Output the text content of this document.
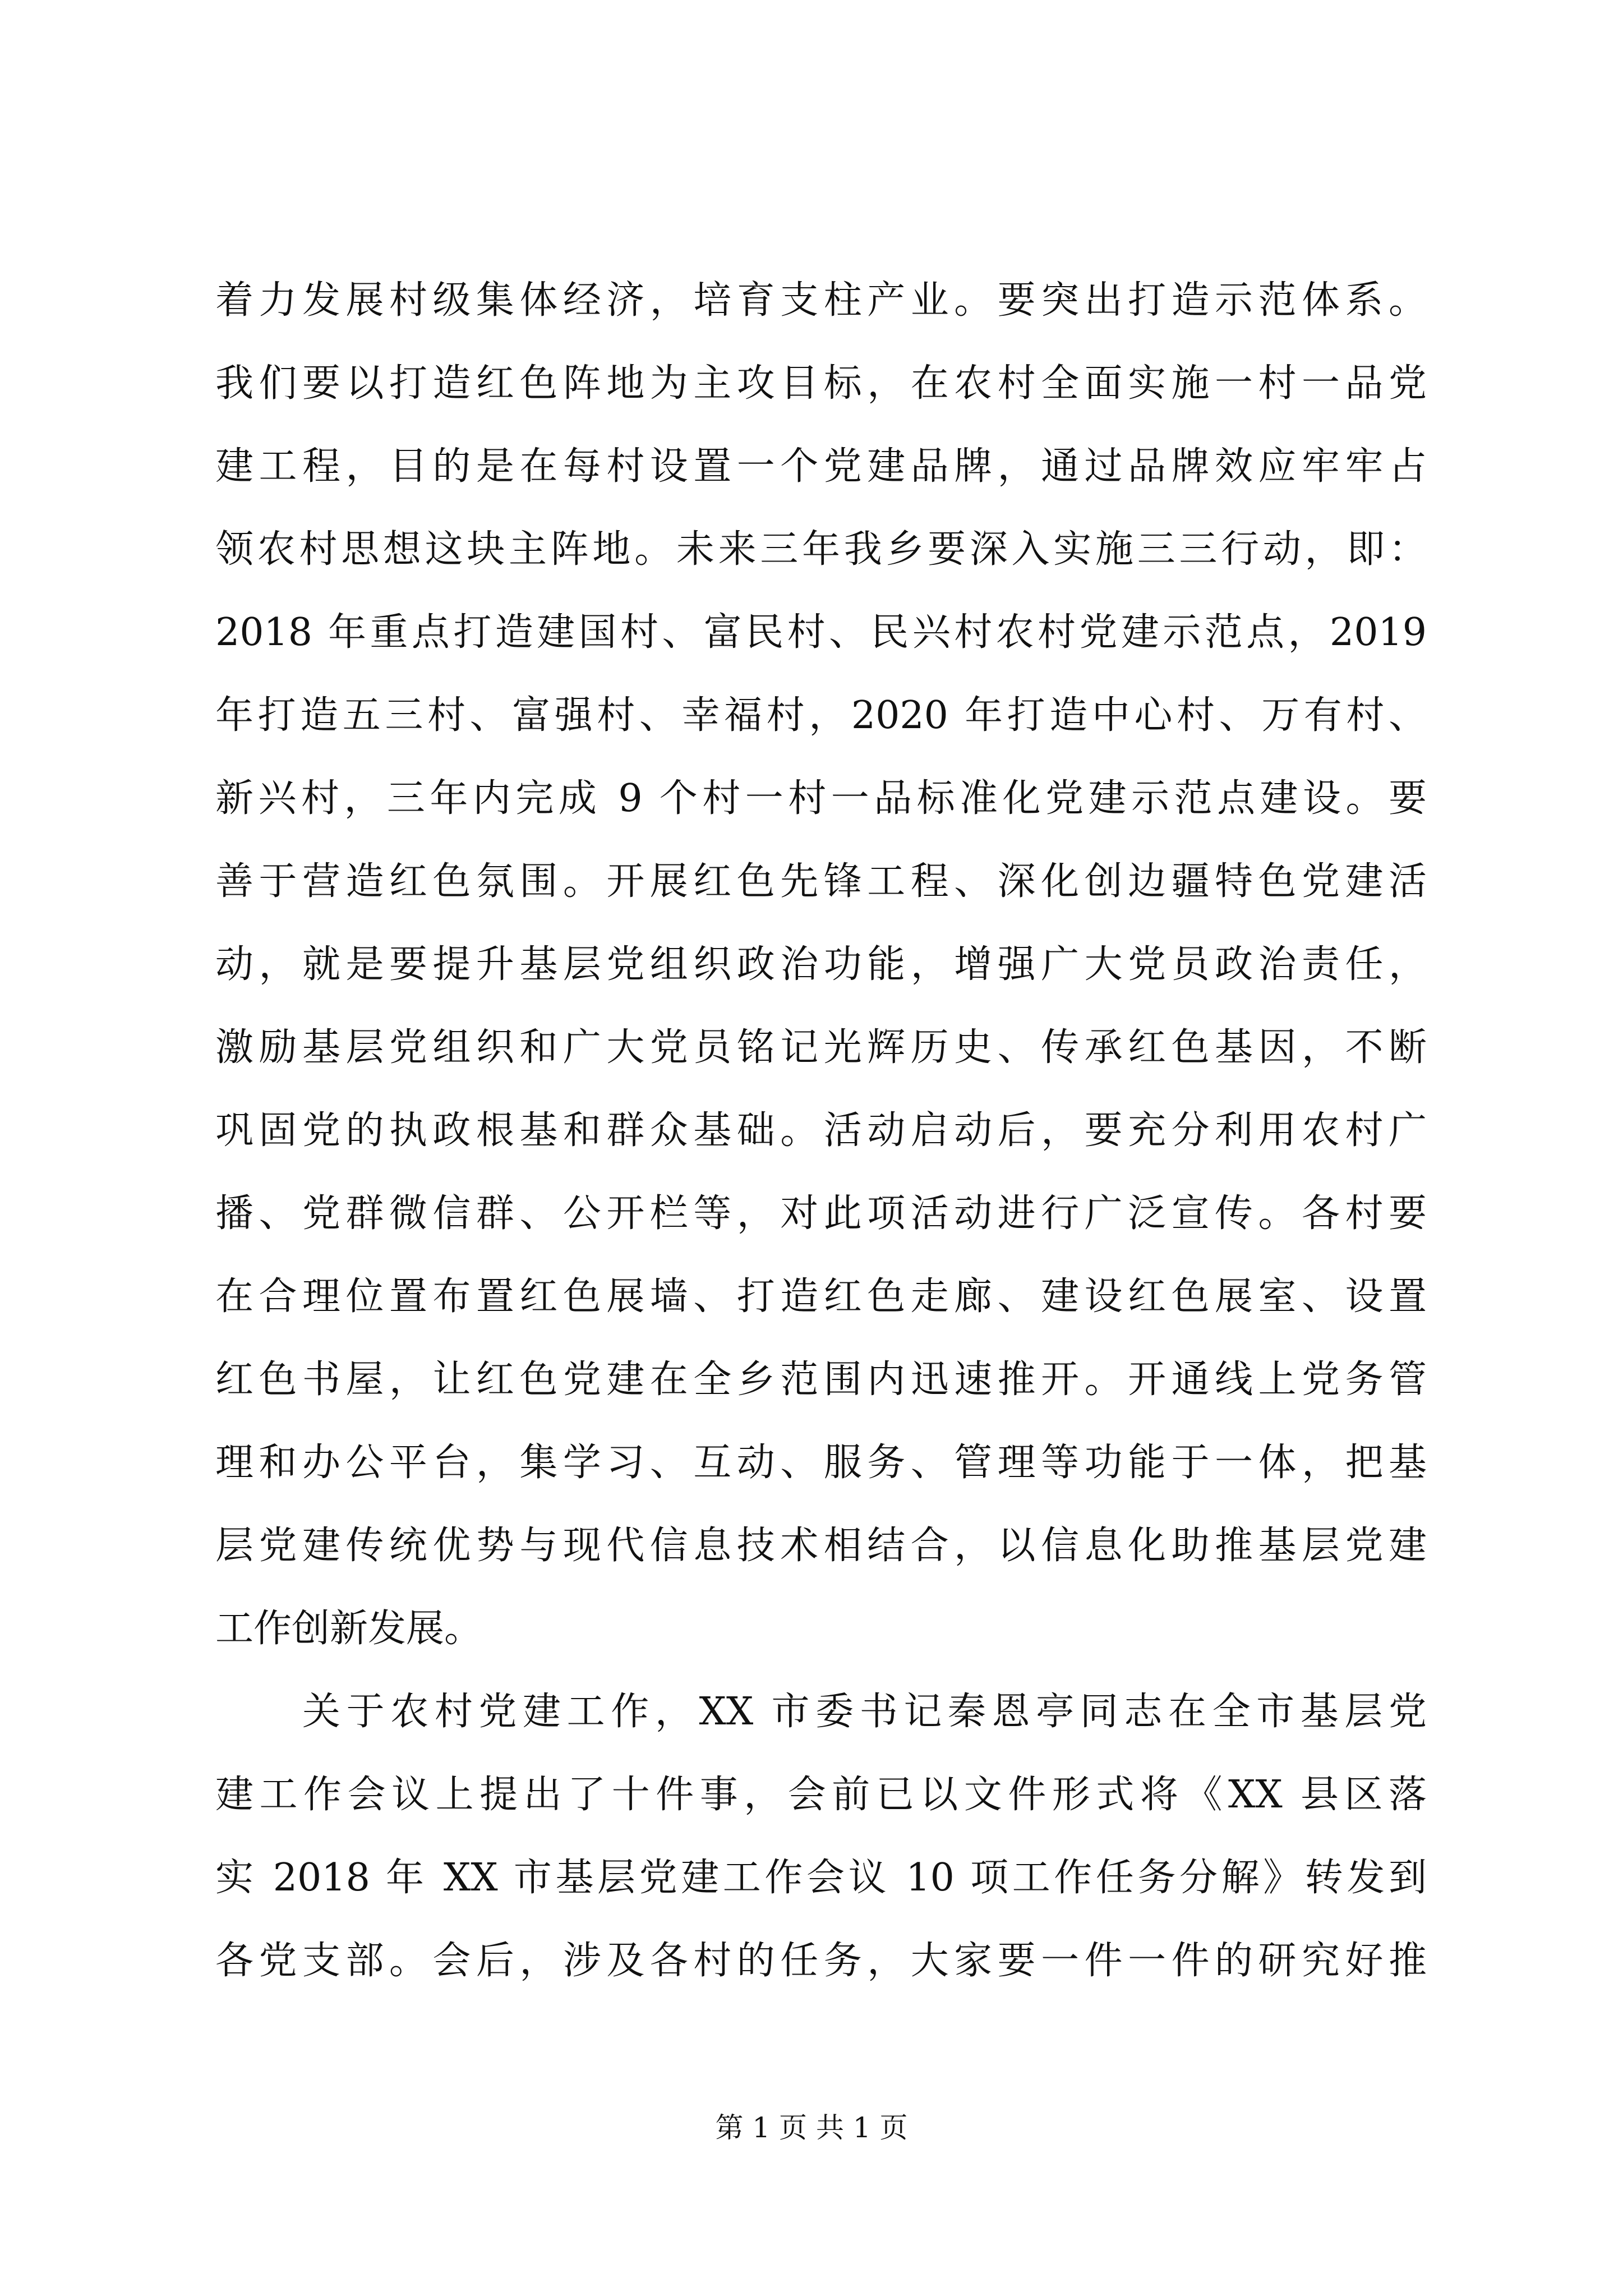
着力发展村级集体经济，培育支柱产业。要突出打造示范体系。
我们要以打造红色阵地为主攻目标，在农村全面实施一村一品党
建工程，目的是在每村设置一个党建品牌，通过品牌效应牢牢占
领农村思想这块主阵地。未来三年我乡要深入实施三三行动，即：
2018 年重点打造建国村、富民村、民兴村农村党建示范点，2019
年打造五三村、富强村、幸福村，2020 年打造中心村、万有村、
新兴村，三年内完成 9 个村一村一品标准化党建示范点建设。要
善于营造红色氛围。开展红色先锋工程、深化创边疆特色党建活
动，就是要提升基层党组织政治功能，增强广大党员政治责任，
激励基层党组织和广大党员铭记光辉历史、传承红色基因，不断
巩固党的执政根基和群众基础。活动启动后，要充分利用农村广
播、党群微信群、公开栏等，对此项活动进行广泛宣传。各村要
在合理位置布置红色展墙、打造红色走廊、建设红色展室、设置
红色书屋，让红色党建在全乡范围内迅速推开。开通线上党务管
理和办公平台，集学习、互动、服务、管理等功能于一体，把基
层党建传统优势与现代信息技术相结合，以信息化助推基层党建
工作创新发展。
关于农村党建工作，XX 市委书记秦恩亭同志在全市基层党
建工作会议上提出了十件事，会前已以文件形式将《XX 县区落
实 2018 年 XX 市基层党建工作会议 10 项工作任务分解》转发到
各党支部。会后，涉及各村的任务，大家要一件一件的研究好推
第 1 页 共 1 页
